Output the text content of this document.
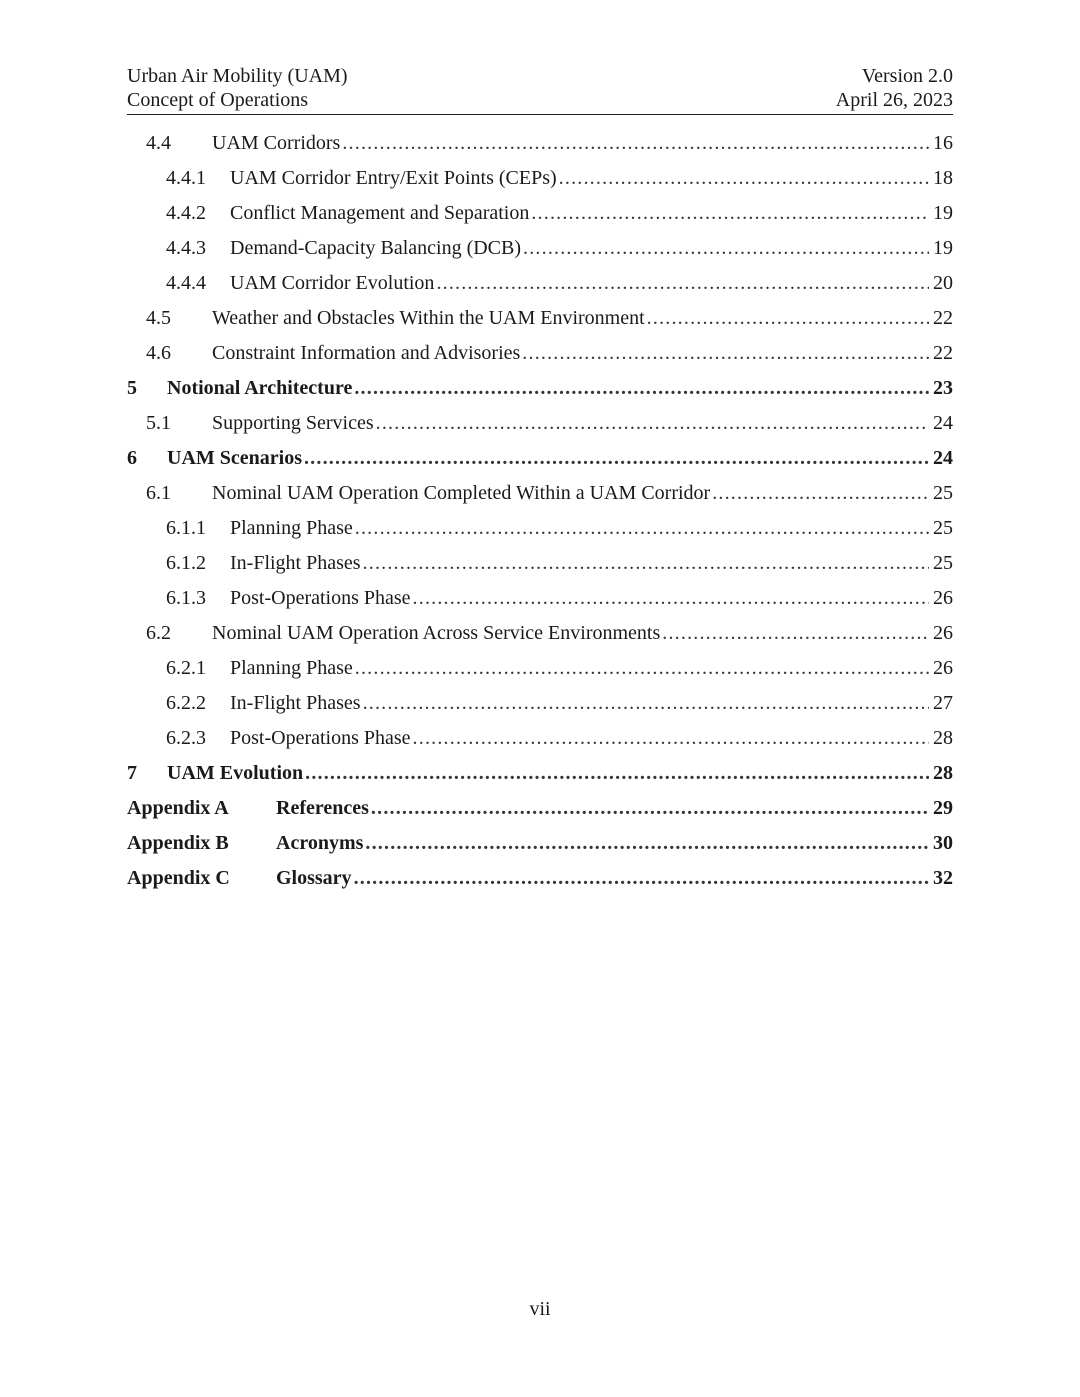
Urban Air Mobility (UAM)
Concept of Operations
Version 2.0
April 26, 2023
4.4 UAM Corridors .....	16
4.4.1 UAM Corridor Entry/Exit Points (CEPs) .....	18
4.4.2 Conflict Management and Separation .....	19
4.4.3 Demand-Capacity Balancing (DCB) .....	19
4.4.4 UAM Corridor Evolution .....	20
4.5 Weather and Obstacles Within the UAM Environment .....	22
4.6 Constraint Information and Advisories .....	22
5 Notional Architecture .....	23
5.1 Supporting Services .....	24
6 UAM Scenarios .....	24
6.1 Nominal UAM Operation Completed Within a UAM Corridor .....	25
6.1.1 Planning Phase .....	25
6.1.2 In-Flight Phases .....	25
6.1.3 Post-Operations Phase .....	26
6.2 Nominal UAM Operation Across Service Environments .....	26
6.2.1 Planning Phase .....	26
6.2.2 In-Flight Phases .....	27
6.2.3 Post-Operations Phase .....	28
7 UAM Evolution .....	28
Appendix A References .....	29
Appendix B Acronyms .....	30
Appendix C Glossary .....	32
vii
